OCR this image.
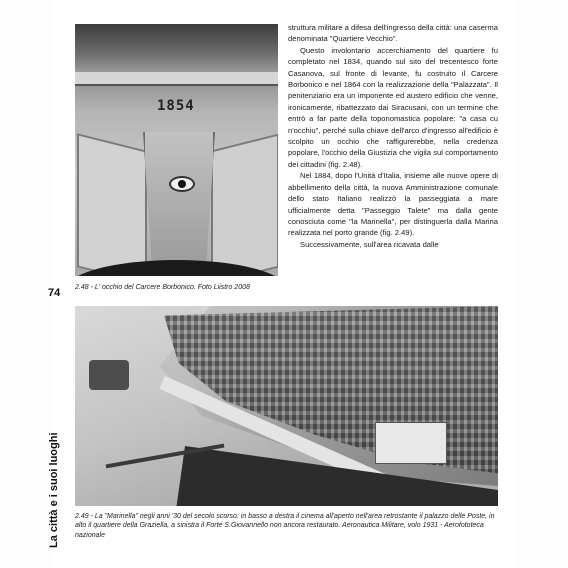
La città e i suoi luoghi
74
1854
2.48 - L' occhio del Carcere Borbonico. Foto Liistro 2008

struttura militare a difesa dell'ingresso della città: una caserma denominata "Quartiere Vecchio".

Questo involontario accerchiamento del quartiere fu completato nel 1834, quando sul sito del trecentesco forte Casanova, sul fronte di levante, fu costruito il Carcere Borbonico e nel 1864 con la realizzazione della "Palazzata". Il penitenziario era un imponente ed austero edificio che venne, ironicamente, ribattezzato dai Siracusani, con un termine che entrò a far parte della toponomastica popolare: "a casa cu n'occhiu", perché sulla chiave dell'arco d'ingresso all'edificio è scolpito un occhio che raffigurerebbe, nella credenza popolare, l'occhio della Giustizia che vigila sul comportamento dei cittadini (fig. 2.48).

Nel 1884, dopo l'Unità d'Italia, insieme alle nuove opere di abbellimento della città, la nuova Amministrazione comunale dello stato Italiano realizzò la passeggiata a mare ufficialmente detta "Passeggio Talete" ma dalla gente conosciuta come "la Marinella", per distinguerla dalla Marina realizzata nel porto grande (fig. 2.49).

Successivamente, sull'area ricavata dalle

2.49 - La "Marinella" negli anni '30 del secolo scorso: in basso a destra il cinema all'aperto nell'area retrostante il palazzo delle Poste, in alto il quartiere della Graziella, a sinistra il Forte S.Giovannello non ancora restaurato. Aeronautica Militare, volo 1931 - Aerofototeca nazionale
